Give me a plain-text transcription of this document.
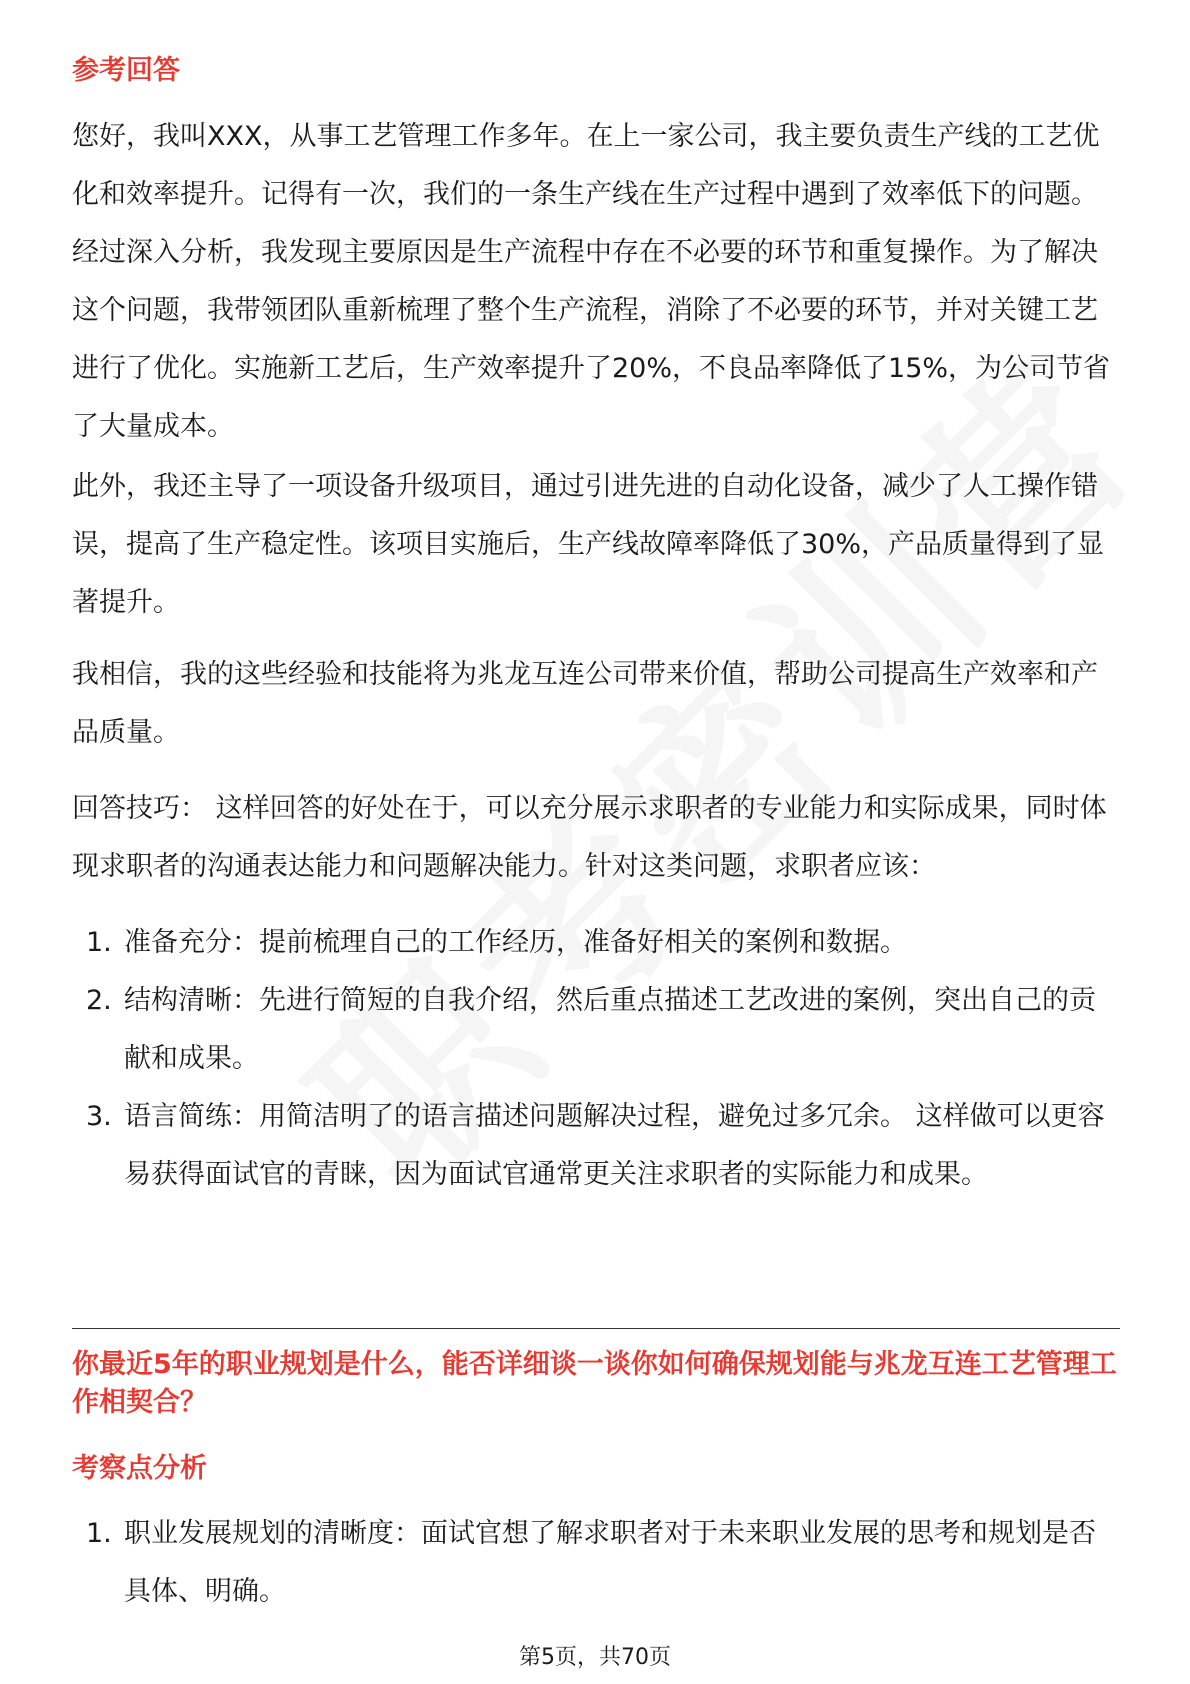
参考回答

您好，我叫XXX，从事工艺管理工作多年。在上一家公司，我主要负责生产线的工艺优化和效率提升。记得有一次，我们的一条生产线在生产过程中遇到了效率低下的问题。经过深入分析，我发现主要原因是生产流程中存在不必要的环节和重复操作。为了解决这个问题，我带领团队重新梳理了整个生产流程，消除了不必要的环节，并对关键工艺进行了优化。实施新工艺后，生产效率提升了20%，不良品率降低了15%，为公司节省了大量成本。

此外，我还主导了一项设备升级项目，通过引进先进的自动化设备，减少了人工操作错误，提高了生产稳定性。该项目实施后，生产线故障率降低了30%，产品质量得到了显著提升。

我相信，我的这些经验和技能将为兆龙互连公司带来价值，帮助公司提高生产效率和产品质量。

回答技巧： 这样回答的好处在于，可以充分展示求职者的专业能力和实际成果，同时体现求职者的沟通表达能力和问题解决能力。针对这类问题，求职者应该：

1. 准备充分：提前梳理自己的工作经历，准备好相关的案例和数据。
2. 结构清晰：先进行简短的自我介绍，然后重点描述工艺改进的案例，突出自己的贡献和成果。
3. 语言简练：用简洁明了的语言描述问题解决过程，避免过多冗余。 这样做可以更容易获得面试官的青睐，因为面试官通常更关注求职者的实际能力和成果。
你最近5年的职业规划是什么，能否详细谈一谈你如何确保规划能与兆龙互连工艺管理工作相契合？
考察点分析
1. 职业发展规划的清晰度：面试官想了解求职者对于未来职业发展的思考和规划是否具体、明确。
第5页，共70页
